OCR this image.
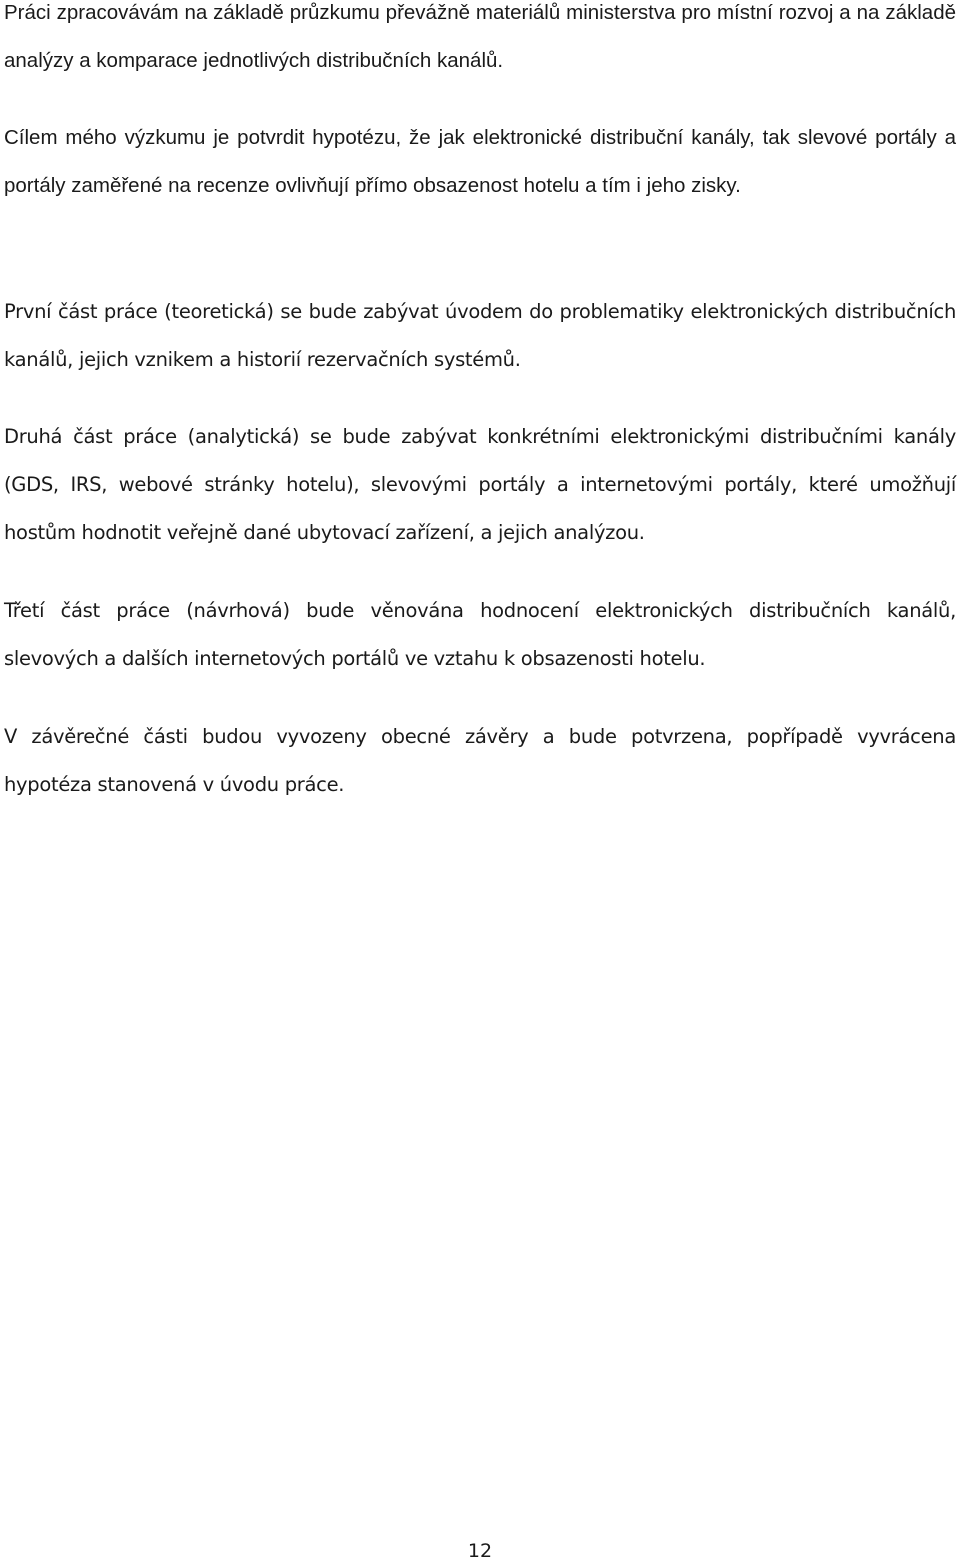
Práci zpracovávám na základě průzkumu převážně materiálů ministerstva pro místní rozvoj a na základě analýzy a komparace jednotlivých distribučních kanálů.

Cílem mého výzkumu je potvrdit hypotézu, že jak elektronické distribuční kanály, tak slevové portály a portály zaměřené na recenze ovlivňují přímo obsazenost hotelu a tím i jeho zisky.

První část práce (teoretická) se bude zabývat úvodem do problematiky elektronických distribučních kanálů, jejich vznikem a historií rezervačních systémů.

Druhá část práce (analytická) se bude zabývat konkrétními elektronickými distribučními kanály (GDS, IRS, webové stránky hotelu), slevovými portály a internetovými portály, které umožňují hostům hodnotit veřejně dané ubytovací zařízení, a jejich analýzou.

Třetí část práce (návrhová) bude věnována hodnocení elektronických distribučních kanálů, slevových a dalších internetových portálů ve vztahu k obsazenosti hotelu.

V závěrečné části budou vyvozeny obecné závěry a bude potvrzena, popřípadě vyvrácena hypotéza stanovená v úvodu práce.

12
